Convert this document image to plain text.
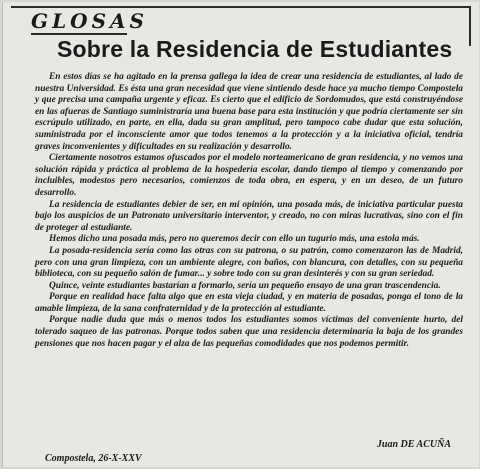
GLOSAS
Sobre la Residencia de Estudiantes

En estos días se ha agitado en la prensa gallega la idea de crear una residencia de estudiantes, al lado de nuestra Universidad. Es ésta una gran necesidad que viene sintiendo desde hace ya mucho tiempo Compostela y que precisa una campaña urgente y eficaz. Es cierto que el edificio de Sordomudos, que está construyéndose en las afueras de Santiago suministraría una buena base para esta institución y que podría ciertamente ser sin escrúpulo utilizado, en parte, en ella, dada su gran amplitud, pero tampoco cabe dudar que esta solución, suministrada por el inconsciente amor que todos tenemos a la protección y a la iniciativa oficial, tendría graves inconvenientes y dificultades en su realización y desarrollo.

Ciertamente nosotros estamos ofuscados por el modelo norteamericano de gran residencia, y no vemos una solución rápida y práctica al problema de la hospedería escolar, dando tiempo al tiempo y comenzando por incluibles, modestos pero necesarios, comienzos de toda obra, en espera, y en un deseo, de un futuro desarrollo.

La residencia de estudiantes debier de ser, en mi opinión, una posada más, de iniciativa particular puesta bajo los auspicios de un Patronato universitario interventor, y creado, no con miras lucrativas, sino con el fin de proteger al estudiante.

Hemos dicho una posada más, pero no queremos decir con ello un tugurio más, una estola más.

La posada-residencia sería como las otras con su patrona, o su patrón, como comenzaron las de Madrid, pero con una gran limpieza, con un ambiente alegre, con baños, con blancura, con detalles, con su pequeña biblioteca, con su pequeño salón de fumar... y sobre todo con su gran desinterés y con su gran seriedad.

Quince, veinte estudiantes bastarían a formarlo, sería un pequeño ensayo de una gran trascendencia.

Porque en realidad hace falta algo que en esta vieja ciudad, y en materia de posadas, ponga el tono de la amable limpieza, de la sana confraternidad y de la protección al estudiante.

Porque nadie duda que más o menos todos los estudiantes somos víctimas del conveniente hurto, del tolerado saqueo de las patronas. Porque todos saben que una residencia determinaría la baja de los grandes pensiones que nos hacen pagar y el alza de las pequeñas comodidades que nos podemos permitir.

Juan DE ACUÑA
Compostela, 26-X-XXV
